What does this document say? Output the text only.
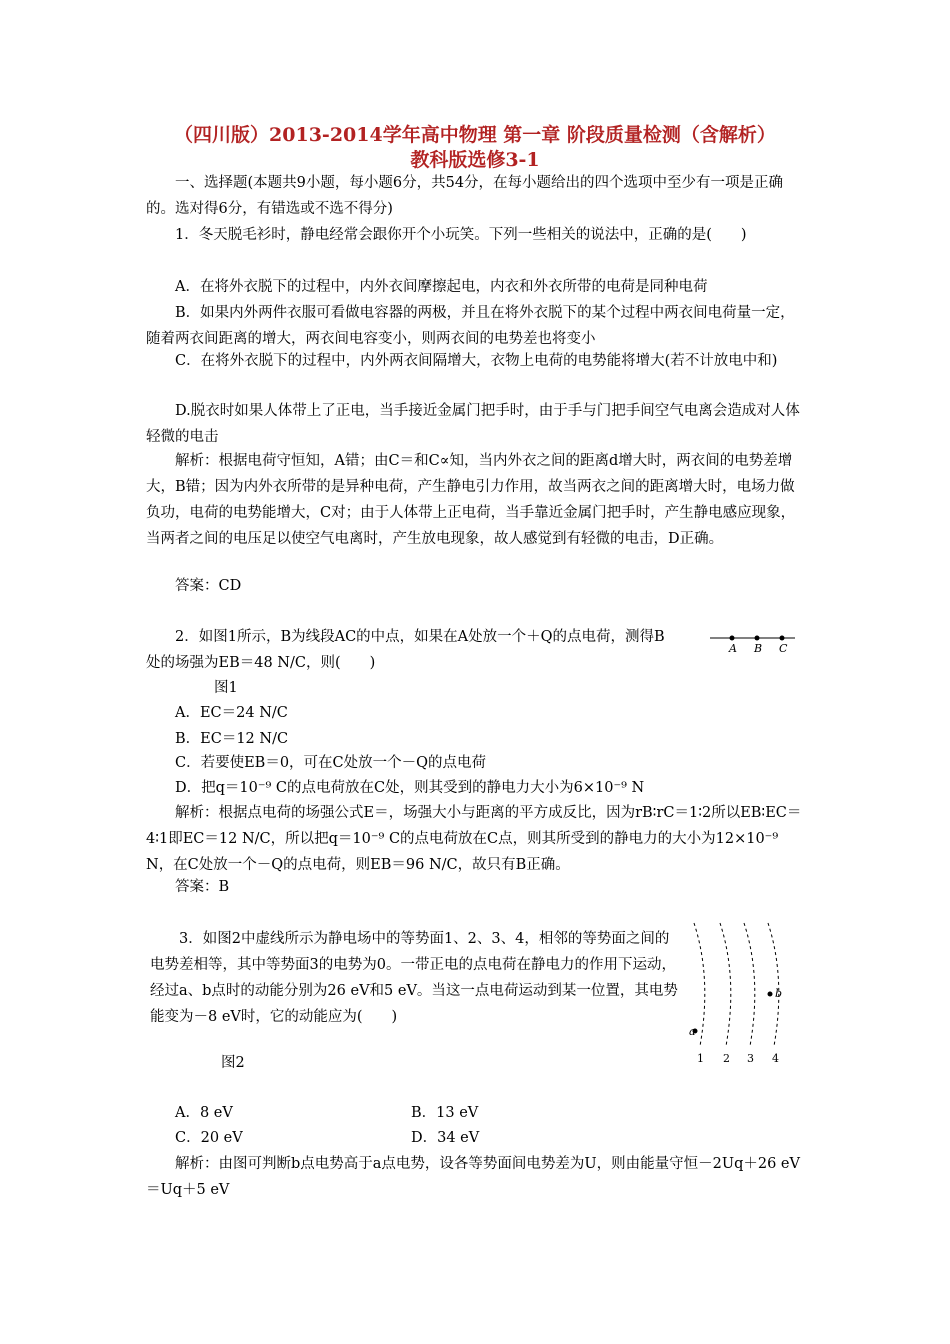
（四川版）2013-2014学年高中物理 第一章 阶段质量检测（含解析）
教科版选修3-1
一、选择题(本题共9小题，每小题6分，共54分，在每小题给出的四个选项中至少有一项是正确的。选对得6分，有错选或不选不得分)
1．冬天脱毛衫时，静电经常会跟你开个小玩笑。下列一些相关的说法中，正确的是(　　)
A．在将外衣脱下的过程中，内外衣间摩擦起电，内衣和外衣所带的电荷是同种电荷
B．如果内外两件衣服可看做电容器的两极，并且在将外衣脱下的某个过程中两衣间电荷量一定，随着两衣间距离的增大，两衣间电容变小，则两衣间的电势差也将变小
C．在将外衣脱下的过程中，内外两衣间隔增大，衣物上电荷的电势能将增大(若不计放电中和)
D.脱衣时如果人体带上了正电，当手接近金属门把手时，由于手与门把手间空气电离会造成对人体轻微的电击
解析：根据电荷守恒知，A错；由C＝和C∝知，当内外衣之间的距离d增大时，两衣间的电势差增大，B错；因为内外衣所带的是异种电荷，产生静电引力作用，故当两衣之间的距离增大时，电场力做负功，电荷的电势能增大，C对；由于人体带上正电荷，当手靠近金属门把手时，产生静电感应现象，当两者之间的电压足以使空气电离时，产生放电现象，故人感觉到有轻微的电击，D正确。
答案：CD
2．如图1所示，B为线段AC的中点，如果在A处放一个＋Q的点电荷，测得B处的场强为EB＝48 N/C，则(　　)
A B C
图1
A．EC＝24 N/C
B．EC＝12 N/C
C．若要使EB＝0，可在C处放一个－Q的点电荷
D．把q＝10⁻⁹ C的点电荷放在C处，则其受到的静电力大小为6×10⁻⁹ N
解析：根据点电荷的场强公式E＝，场强大小与距离的平方成反比，因为rB∶rC＝1∶2所以EB∶EC＝4∶1即EC＝12 N/C，所以把q＝10⁻⁹ C的点电荷放在C点，则其所受到的静电力的大小为12×10⁻⁹ N，在C处放一个－Q的点电荷，则EB＝96 N/C，故只有B正确。
答案：B
3．如图2中虚线所示为静电场中的等势面1、2、3、4，相邻的等势面之间的电势差相等，其中等势面3的电势为0。一带正电的点电荷在静电力的作用下运动，经过a、b点时的动能分别为26 eV和5 eV。当这一点电荷运动到某一位置，其电势能变为－8 eV时，它的动能应为(　　)
a
b
1 2 3 4
图2
A．8 eV	B．13 eV
C．20 eV	D．34 eV
解析：由图可判断b点电势高于a点电势，设各等势面间电势差为U，则由能量守恒－2Uq＋26 eV＝Uq＋5 eV
